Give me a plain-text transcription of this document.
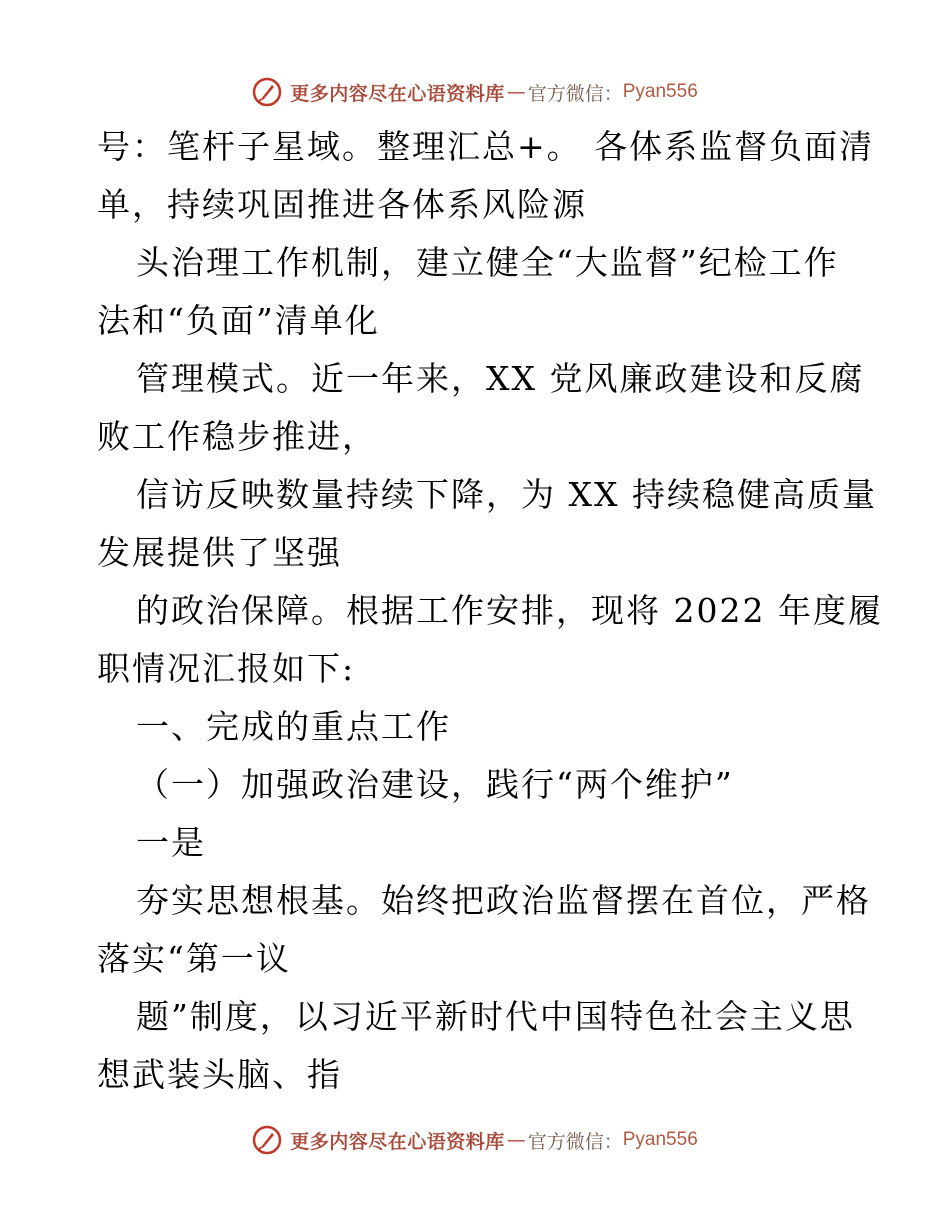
更多内容尽在心语资料库 — 官方微信： Pyan556
号：笔杆子星域。整理汇总+。 各体系监督负面清
单，持续巩固推进各体系风险源
头治理工作机制，建立健全“大监督”纪检工作
法和“负面”清单化
管理模式。近一年来，XX 党风廉政建设和反腐
败工作稳步推进，
信访反映数量持续下降，为 XX 持续稳健高质量
发展提供了坚强
的政治保障。根据工作安排，现将 2022 年度履
职情况汇报如下:
一、完成的重点工作
（一）加强政治建设，践行“两个维护”
一是
夯实思想根基。始终把政治监督摆在首位，严格
落实“第一议
题”制度，以习近平新时代中国特色社会主义思
想武装头脑、指
更多内容尽在心语资料库 — 官方微信： Pyan556
